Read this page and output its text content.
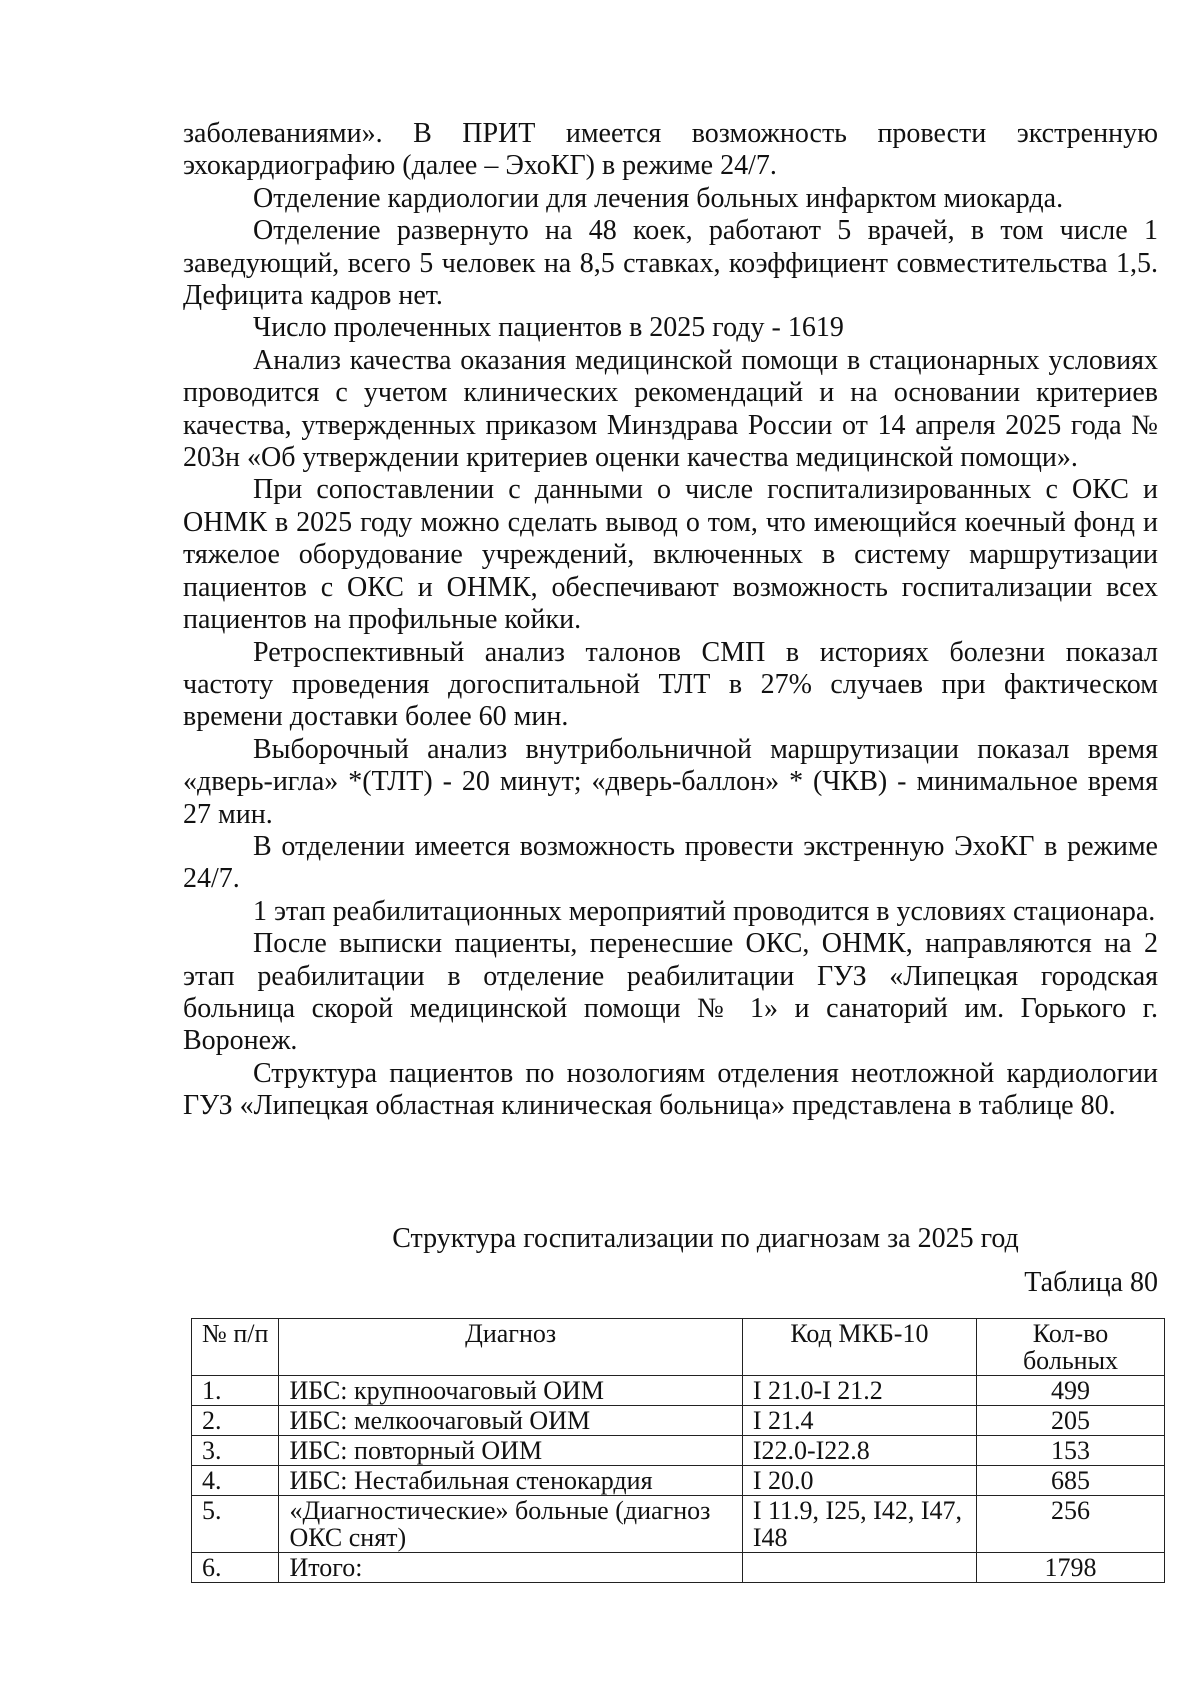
заболеваниями». В ПРИТ имеется возможность провести экстренную эхокардиографию (далее – ЭхоКГ) в режиме 24/7.

Отделение кардиологии для лечения больных инфарктом миокарда.

Отделение развернуто на 48 коек, работают 5 врачей, в том числе 1 заведующий, всего 5 человек на 8,5 ставках, коэффициент совместительства 1,5. Дефицита кадров нет.

Число пролеченных пациентов в 2025 году - 1619

Анализ качества оказания медицинской помощи в стационарных условиях проводится с учетом клинических рекомендаций и на основании критериев качества, утвержденных приказом Минздрава России от 14 апреля 2025 года № 203н «Об утверждении критериев оценки качества медицинской помощи».

При сопоставлении с данными о числе госпитализированных с ОКС и ОНМК в 2025 году можно сделать вывод о том, что имеющийся коечный фонд и тяжелое оборудование учреждений, включенных в систему маршрутизации пациентов с ОКС и ОНМК, обеспечивают возможность госпитализации всех пациентов на профильные койки.

Ретроспективный анализ талонов СМП в историях болезни показал частоту проведения догоспитальной ТЛТ в 27% случаев при фактическом времени доставки более 60 мин.

Выборочный анализ внутрибольничной маршрутизации показал время «дверь-игла» *(ТЛТ) - 20 минут; «дверь-баллон» * (ЧКВ) - минимальное время 27 мин.

В отделении имеется возможность провести экстренную ЭхоКГ в режиме 24/7.

1 этап реабилитационных мероприятий проводится в условиях стационара.

После выписки пациенты, перенесшие ОКС, ОНМК, направляются на 2 этап реабилитации в отделение реабилитации ГУЗ «Липецкая городская больница скорой медицинской помощи № 1» и санаторий им. Горького г. Воронеж.

Структура пациентов по нозологиям отделения неотложной кардиологии ГУЗ «Липецкая областная клиническая больница» представлена в таблице 80.

Структура госпитализации по диагнозам за 2025 год
Таблица 80
№ п/п	Диагноз	Код МКБ-10	Кол-во больных
1.	ИБС: крупноочаговый ОИМ	I 21.0-I 21.2	499
2.	ИБС: мелкоочаговый ОИМ	I 21.4	205
3.	ИБС: повторный ОИМ	I22.0-I22.8	153
4.	ИБС: Нестабильная стенокардия	I 20.0	685
5.	«Диагностические» больные (диагноз ОКС снят)	I 11.9, I25, I42, I47, I48	256
6.	Итого:		1798
